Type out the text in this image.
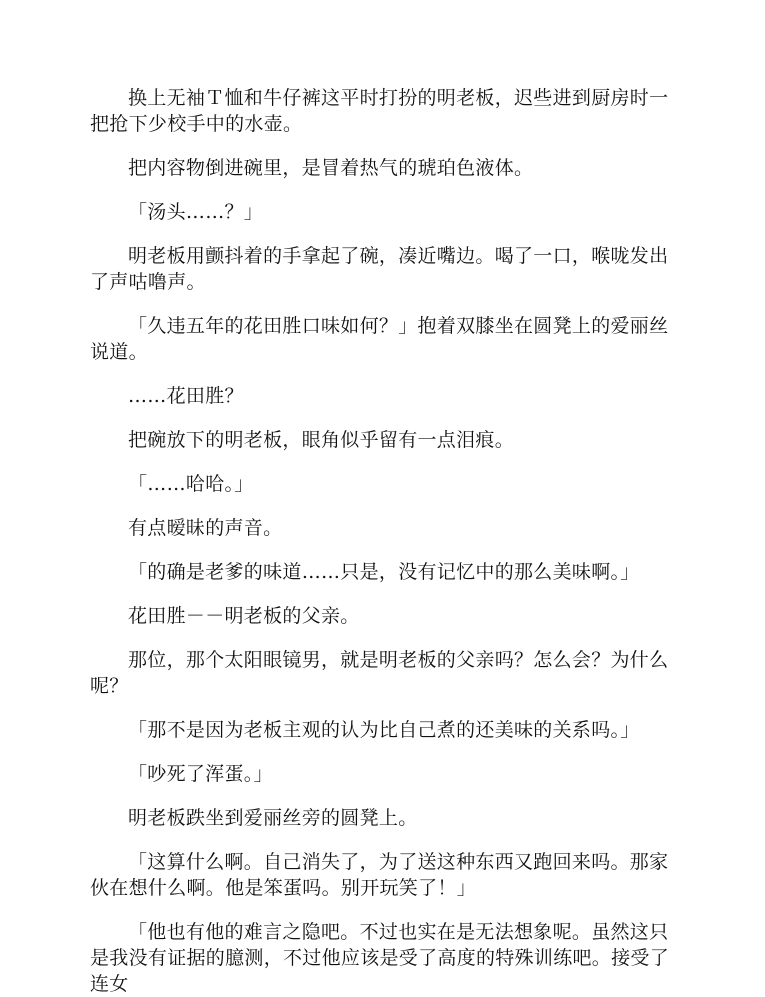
换上无袖Ｔ恤和牛仔裤这平时打扮的明老板，迟些进到厨房时一把抢下少校手中的水壶。

把内容物倒进碗里，是冒着热气的琥珀色液体。

「汤头……？」

明老板用颤抖着的手拿起了碗，凑近嘴边。喝了一口，喉咙发出了声咕噜声。

「久违五年的花田胜口味如何？」抱着双膝坐在圆凳上的爱丽丝说道。

……花田胜？

把碗放下的明老板，眼角似乎留有一点泪痕。

「……哈哈。」

有点暧昧的声音。

「的确是老爹的味道……只是，没有记忆中的那么美味啊。」

花田胜－－明老板的父亲。

那位，那个太阳眼镜男，就是明老板的父亲吗？怎么会？为什么呢？

「那不是因为老板主观的认为比自己煮的还美味的关系吗。」

「吵死了浑蛋。」

明老板跌坐到爱丽丝旁的圆凳上。

「这算什么啊。自己消失了，为了送这种东西又跑回来吗。那家伙在想什么啊。他是笨蛋吗。别开玩笑了！」

「他也有他的难言之隐吧。不过也实在是无法想象呢。虽然这只是我没有证据的臆测，不过他应该是受了高度的特殊训练吧。接受了连女
